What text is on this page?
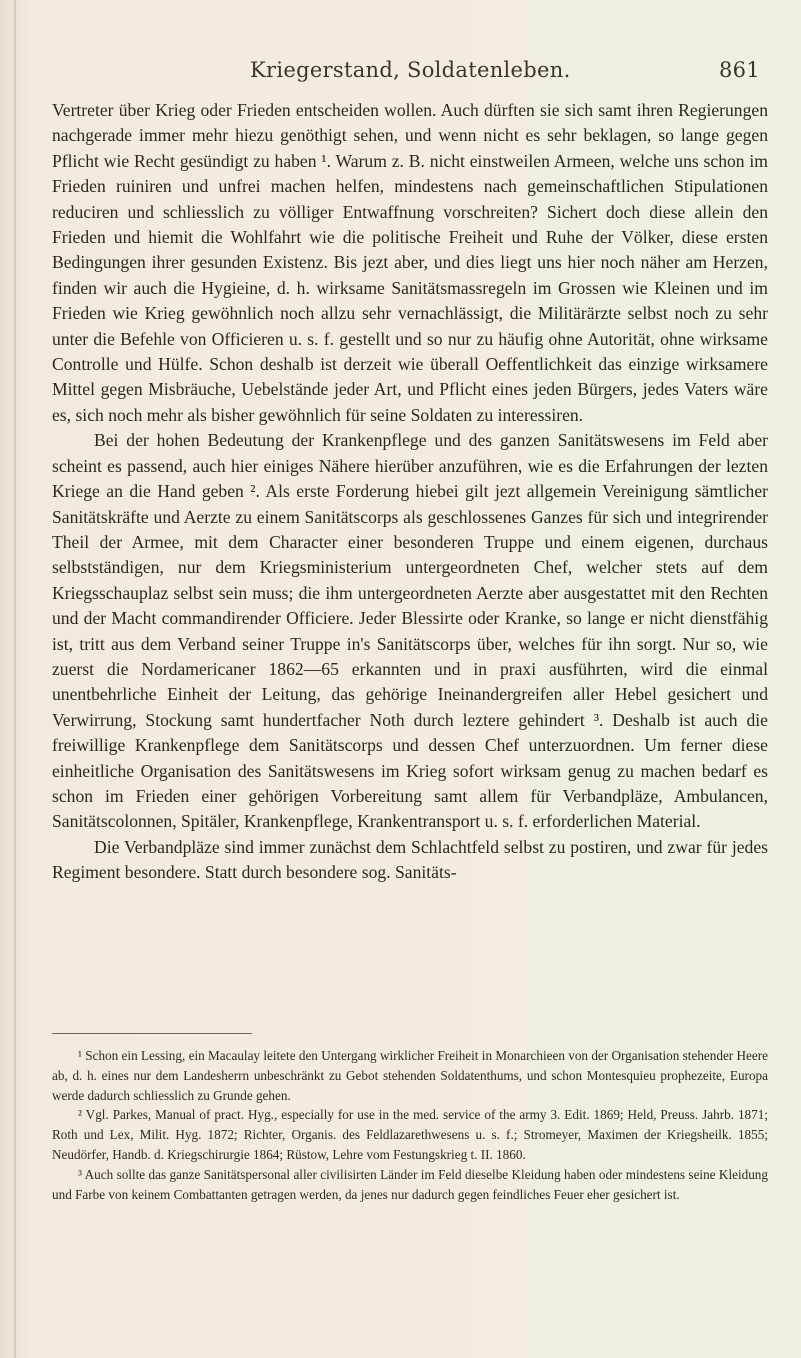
Kriegerstand, Soldatenleben.	861

Vertreter über Krieg oder Frieden entscheiden wollen. Auch dürften sie sich samt ihren Regierungen nachgerade immer mehr hiezu genöthigt sehen, und wenn nicht es sehr beklagen, so lange gegen Pflicht wie Recht gesündigt zu haben ¹. Warum z. B. nicht einstweilen Armeen, welche uns schon im Frieden ruiniren und unfrei machen helfen, mindestens nach gemeinschaftlichen Stipulationen reduciren und schliesslich zu völliger Entwaffnung vorschreiten? Sichert doch diese allein den Frieden und hiemit die Wohlfahrt wie die politische Freiheit und Ruhe der Völker, diese ersten Bedingungen ihrer gesunden Existenz. Bis jezt aber, und dies liegt uns hier noch näher am Herzen, finden wir auch die Hygieine, d. h. wirksame Sanitätsmassregeln im Grossen wie Kleinen und im Frieden wie Krieg gewöhnlich noch allzu sehr vernachlässigt, die Militärärzte selbst noch zu sehr unter die Befehle von Officieren u. s. f. gestellt und so nur zu häufig ohne Autorität, ohne wirksame Controlle und Hülfe. Schon deshalb ist derzeit wie überall Oeffentlichkeit das einzige wirksamere Mittel gegen Misbräuche, Uebelstände jeder Art, und Pflicht eines jeden Bürgers, jedes Vaters wäre es, sich noch mehr als bisher gewöhnlich für seine Soldaten zu interessiren.

Bei der hohen Bedeutung der Krankenpflege und des ganzen Sanitätswesens im Feld aber scheint es passend, auch hier einiges Nähere hierüber anzuführen, wie es die Erfahrungen der lezten Kriege an die Hand geben ². Als erste Forderung hiebei gilt jezt allgemein Vereinigung sämtlicher Sanitätskräfte und Aerzte zu einem Sanitätscorps als geschlossenes Ganzes für sich und integrirender Theil der Armee, mit dem Character einer besonderen Truppe und einem eigenen, durchaus selbstständigen, nur dem Kriegsministerium untergeordneten Chef, welcher stets auf dem Kriegsschauplaz selbst sein muss; die ihm untergeordneten Aerzte aber ausgestattet mit den Rechten und der Macht commandirender Officiere. Jeder Blessirte oder Kranke, so lange er nicht dienstfähig ist, tritt aus dem Verband seiner Truppe in's Sanitätscorps über, welches für ihn sorgt. Nur so, wie zuerst die Nordamericaner 1862—65 erkannten und in praxi ausführten, wird die einmal unentbehrliche Einheit der Leitung, das gehörige Ineinandergreifen aller Hebel gesichert und Verwirrung, Stockung samt hundertfacher Noth durch leztere gehindert ³. Deshalb ist auch die freiwillige Krankenpflege dem Sanitätscorps und dessen Chef unterzuordnen. Um ferner diese einheitliche Organisation des Sanitätswesens im Krieg sofort wirksam genug zu machen bedarf es schon im Frieden einer gehörigen Vorbereitung samt allem für Verbandpläze, Ambulancen, Sanitätscolonnen, Spitäler, Krankenpflege, Krankentransport u. s. f. erforderlichen Material.

Die Verbandpläze sind immer zunächst dem Schlachtfeld selbst zu postiren, und zwar für jedes Regiment besondere. Statt durch besondere sog. Sanitäts-

¹ Schon ein Lessing, ein Macaulay leitete den Untergang wirklicher Freiheit in Monarchieen von der Organisation stehender Heere ab, d. h. eines nur dem Landesherrn unbeschränkt zu Gebot stehenden Soldatenthums, und schon Montesquieu prophezeite, Europa werde dadurch schliesslich zu Grunde gehen.

² Vgl. Parkes, Manual of pract. Hyg., especially for use in the med. service of the army 3. Edit. 1869; Held, Preuss. Jahrb. 1871; Roth und Lex, Milit. Hyg. 1872; Richter, Organis. des Feldlazarethwesens u. s. f.; Stromeyer, Maximen der Kriegsheilk. 1855; Neudörfer, Handb. d. Kriegschirurgie 1864; Rüstow, Lehre vom Festungskrieg t. II. 1860.

³ Auch sollte das ganze Sanitätspersonal aller civilisirten Länder im Feld dieselbe Kleidung haben oder mindestens seine Kleidung und Farbe von keinem Combattanten getragen werden, da jenes nur dadurch gegen feindliches Feuer eher gesichert ist.
